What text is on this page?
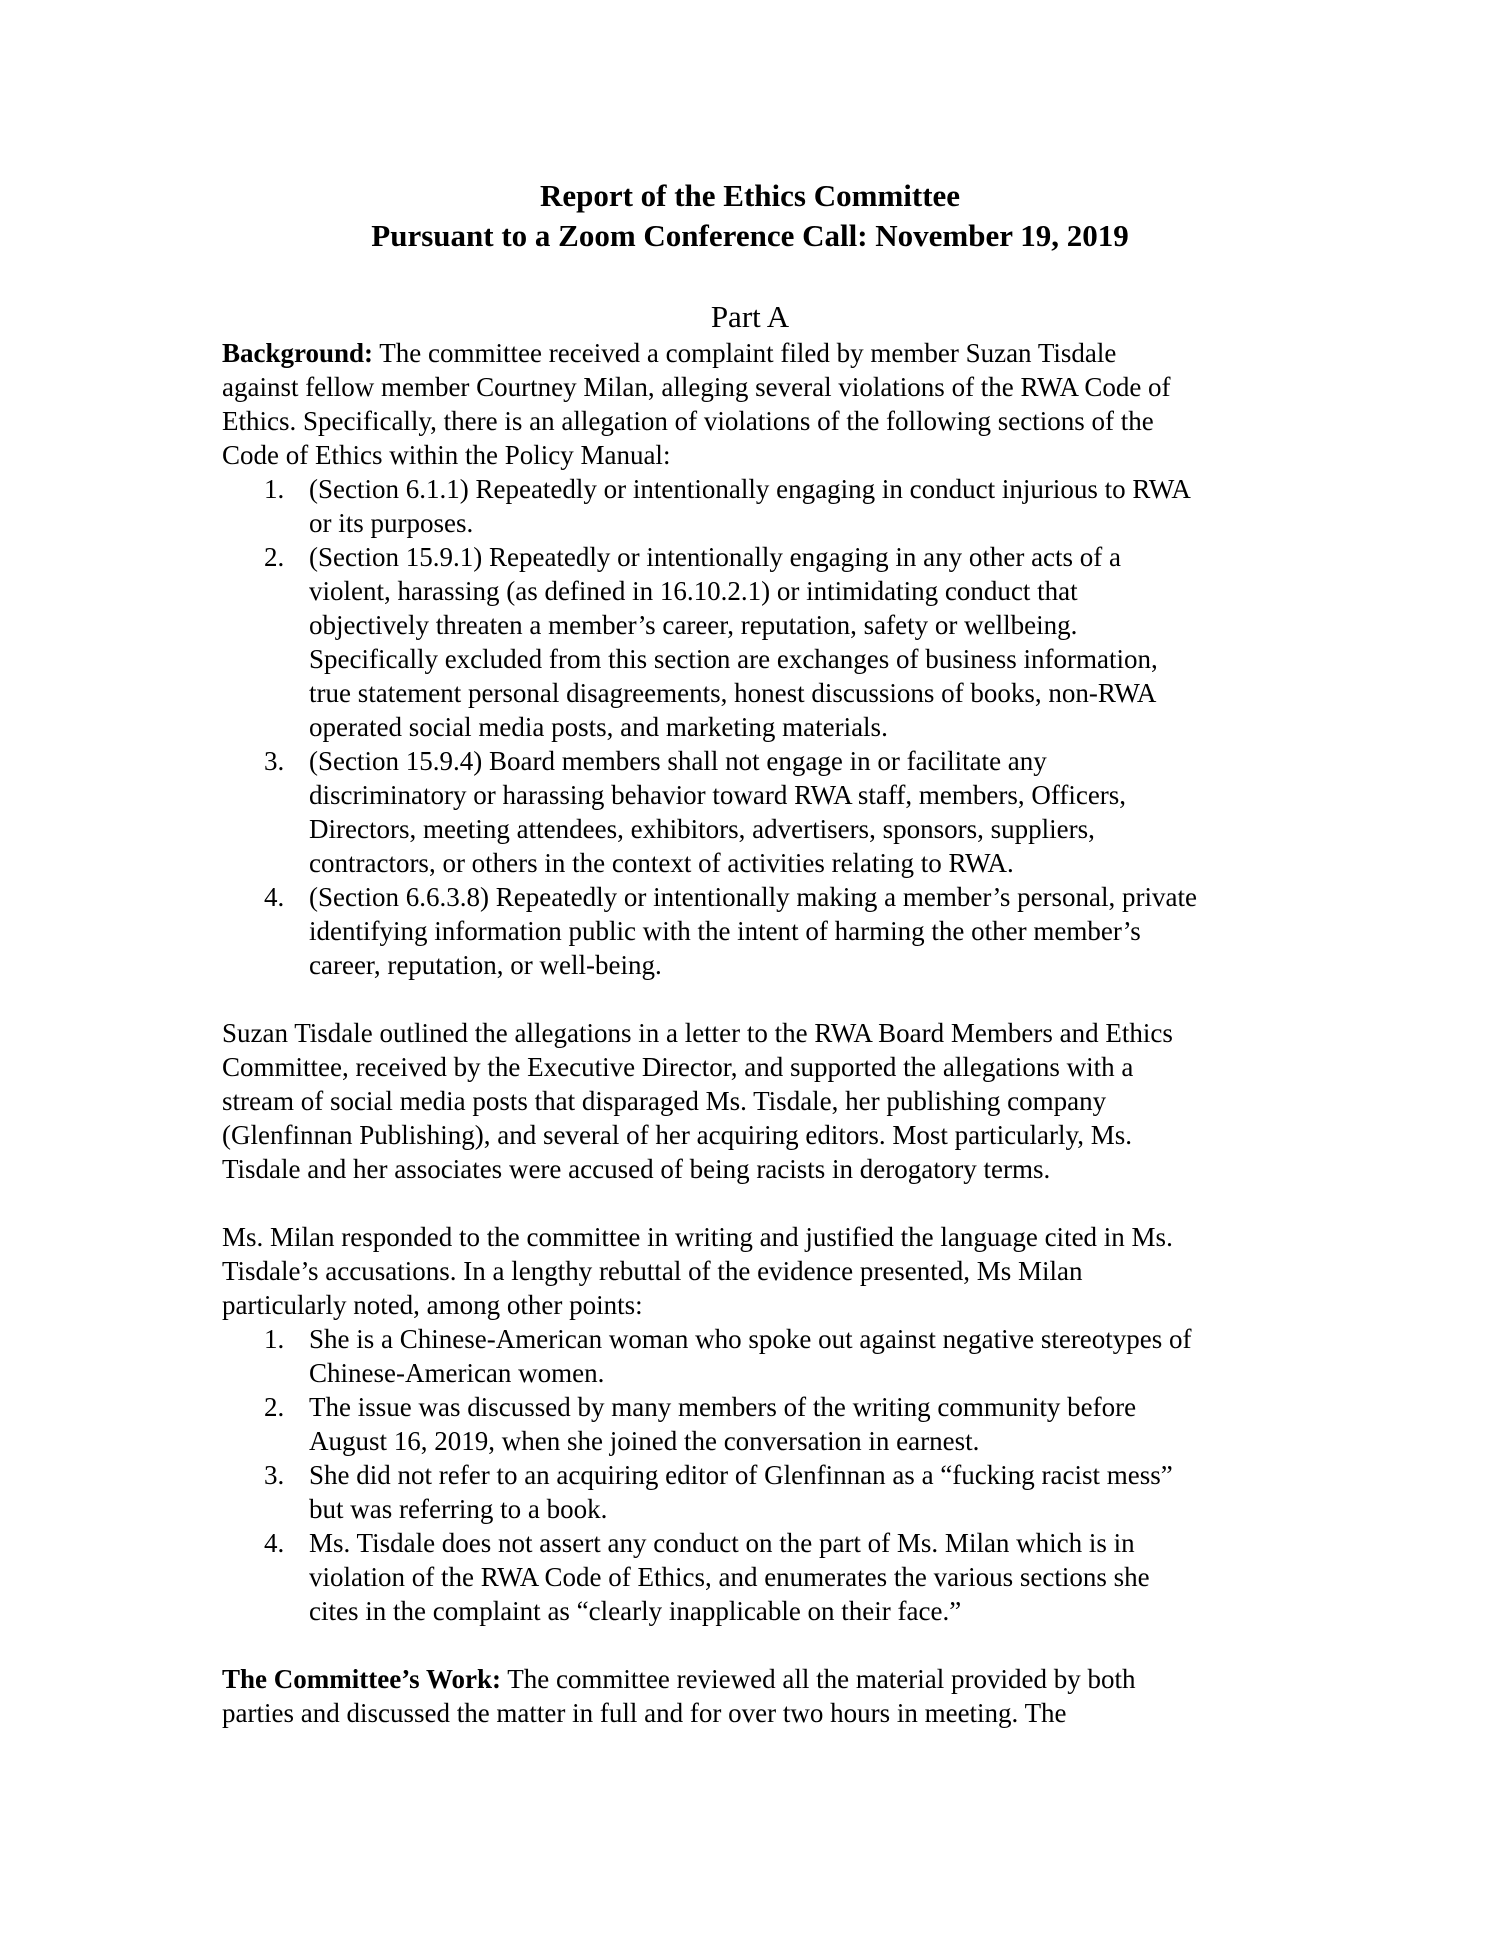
Report of the Ethics Committee
Pursuant to a Zoom Conference Call: November 19, 2019
Part A
Background: The committee received a complaint filed by member Suzan Tisdale
against fellow member Courtney Milan, alleging several violations of the RWA Code of
Ethics. Specifically, there is an allegation of violations of the following sections of the
Code of Ethics within the Policy Manual:
1. (Section 6.1.1) Repeatedly or intentionally engaging in conduct injurious to RWA
or its purposes.
2. (Section 15.9.1) Repeatedly or intentionally engaging in any other acts of a
violent, harassing (as defined in 16.10.2.1) or intimidating conduct that
objectively threaten a member’s career, reputation, safety or wellbeing.
Specifically excluded from this section are exchanges of business information,
true statement personal disagreements, honest discussions of books, non-RWA
operated social media posts, and marketing materials.
3. (Section 15.9.4) Board members shall not engage in or facilitate any
discriminatory or harassing behavior toward RWA staff, members, Officers,
Directors, meeting attendees, exhibitors, advertisers, sponsors, suppliers,
contractors, or others in the context of activities relating to RWA.
4. (Section 6.6.3.8) Repeatedly or intentionally making a member’s personal, private
identifying information public with the intent of harming the other member’s
career, reputation, or well-being.
Suzan Tisdale outlined the allegations in a letter to the RWA Board Members and Ethics
Committee, received by the Executive Director, and supported the allegations with a
stream of social media posts that disparaged Ms. Tisdale, her publishing company
(Glenfinnan Publishing), and several of her acquiring editors. Most particularly, Ms.
Tisdale and her associates were accused of being racists in derogatory terms.
Ms. Milan responded to the committee in writing and justified the language cited in Ms.
Tisdale’s accusations. In a lengthy rebuttal of the evidence presented, Ms Milan
particularly noted, among other points:
1. She is a Chinese-American woman who spoke out against negative stereotypes of
Chinese-American women.
2. The issue was discussed by many members of the writing community before
August 16, 2019, when she joined the conversation in earnest.
3. She did not refer to an acquiring editor of Glenfinnan as a “fucking racist mess”
but was referring to a book.
4. Ms. Tisdale does not assert any conduct on the part of Ms. Milan which is in
violation of the RWA Code of Ethics, and enumerates the various sections she
cites in the complaint as “clearly inapplicable on their face.”
The Committee’s Work: The committee reviewed all the material provided by both
parties and discussed the matter in full and for over two hours in meeting. The
